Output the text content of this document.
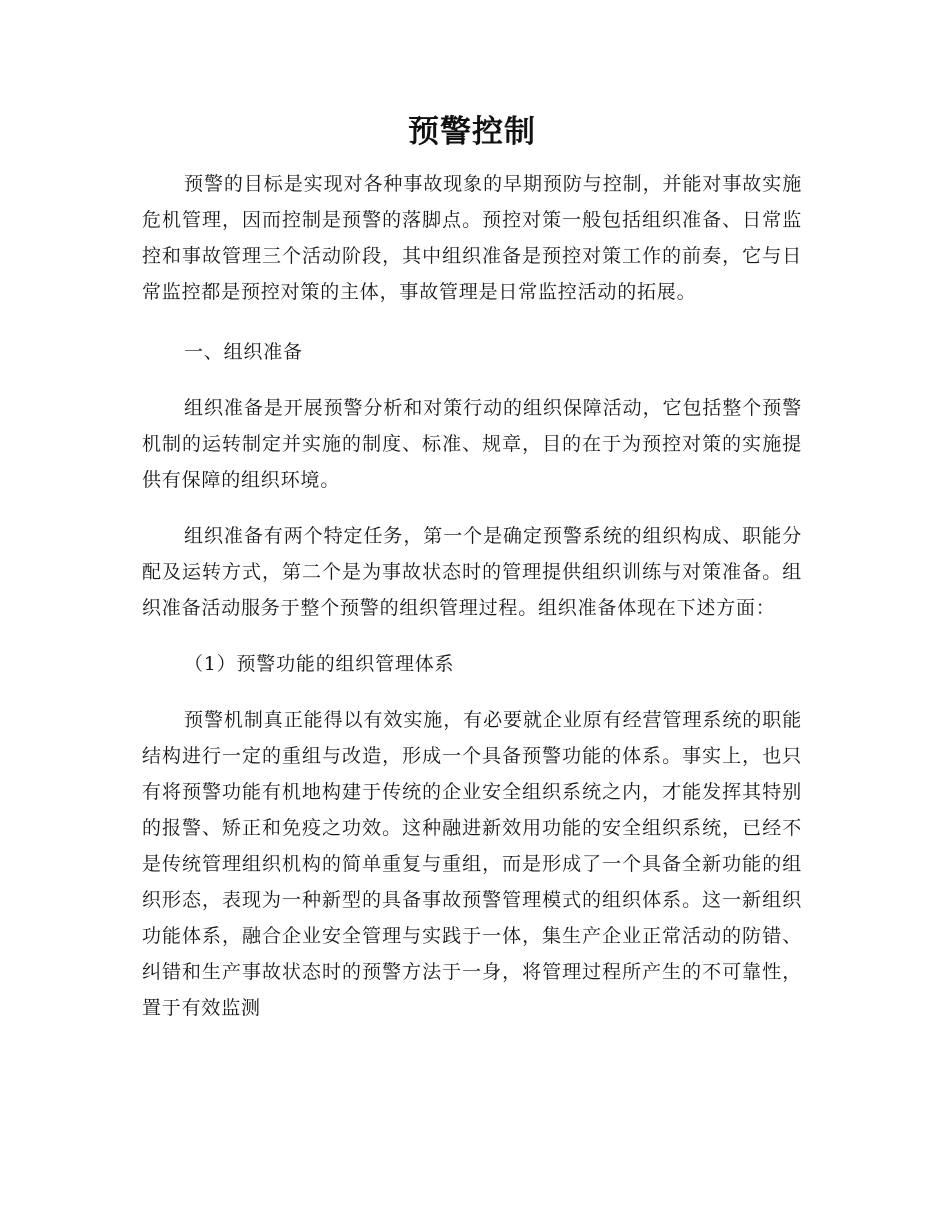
预警控制

预警的目标是实现对各种事故现象的早期预防与控制，并能对事故实施危机管理，因而控制是预警的落脚点。预控对策一般包括组织准备、日常监控和事故管理三个活动阶段，其中组织准备是预控对策工作的前奏，它与日常监控都是预控对策的主体，事故管理是日常监控活动的拓展。

一、组织准备

组织准备是开展预警分析和对策行动的组织保障活动，它包括整个预警机制的运转制定并实施的制度、标准、规章，目的在于为预控对策的实施提供有保障的组织环境。

组织准备有两个特定任务，第一个是确定预警系统的组织构成、职能分配及运转方式，第二个是为事故状态时的管理提供组织训练与对策准备。组织准备活动服务于整个预警的组织管理过程。组织准备体现在下述方面：

（1）预警功能的组织管理体系

预警机制真正能得以有效实施，有必要就企业原有经营管理系统的职能结构进行一定的重组与改造，形成一个具备预警功能的体系。事实上，也只有将预警功能有机地构建于传统的企业安全组织系统之内，才能发挥其特别的报警、矫正和免疫之功效。这种融进新效用功能的安全组织系统，已经不是传统管理组织机构的简单重复与重组，而是形成了一个具备全新功能的组织形态，表现为一种新型的具备事故预警管理模式的组织体系。这一新组织功能体系，融合企业安全管理与实践于一体，集生产企业正常活动的防错、纠错和生产事故状态时的预警方法于一身，将管理过程所产生的不可靠性，置于有效监测
